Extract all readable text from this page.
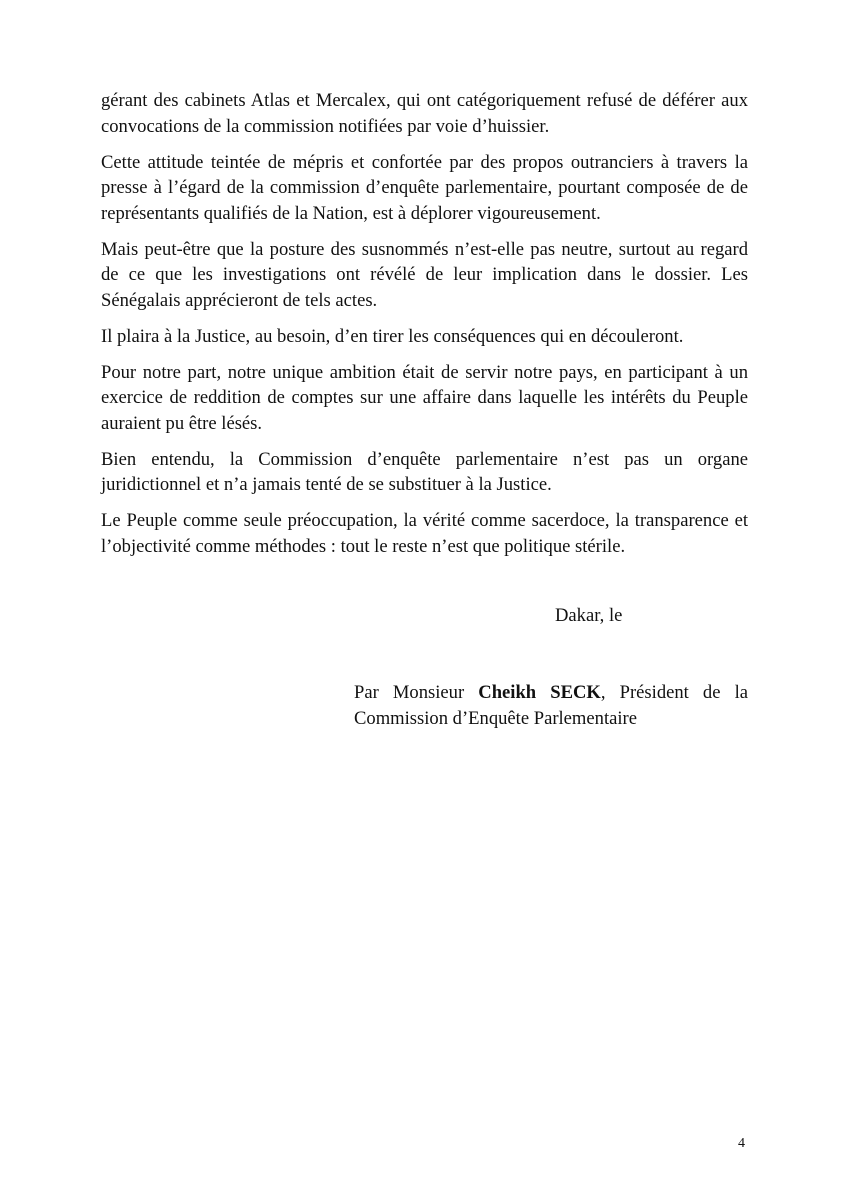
gérant des cabinets Atlas et Mercalex, qui ont catégoriquement refusé de déférer aux convocations de la commission notifiées par voie d’huissier.

Cette attitude teintée de mépris et confortée par des propos outranciers à travers la presse à l’égard de la commission d’enquête parlementaire, pourtant composée de de représentants qualifiés de la Nation, est à déplorer vigoureusement.

Mais peut-être que la posture des susnommés n’est-elle pas neutre, surtout au regard de ce que les investigations ont révélé de leur implication dans le dossier. Les Sénégalais apprécieront de tels actes.

Il plaira à la Justice, au besoin, d’en tirer les conséquences qui en découleront.

Pour notre part, notre unique ambition était de servir notre pays, en participant à un exercice de reddition de comptes sur une affaire dans laquelle les intérêts du Peuple auraient pu être lésés.

Bien entendu, la Commission d’enquête parlementaire n’est pas un organe juridictionnel et n’a jamais tenté de se substituer à la Justice.

Le Peuple comme seule préoccupation, la vérité comme sacerdoce, la transparence et l’objectivité comme méthodes : tout le reste n’est que politique stérile.

Dakar, le
Par Monsieur Cheikh SECK, Président de la
Commission d’Enquête Parlementaire
4
